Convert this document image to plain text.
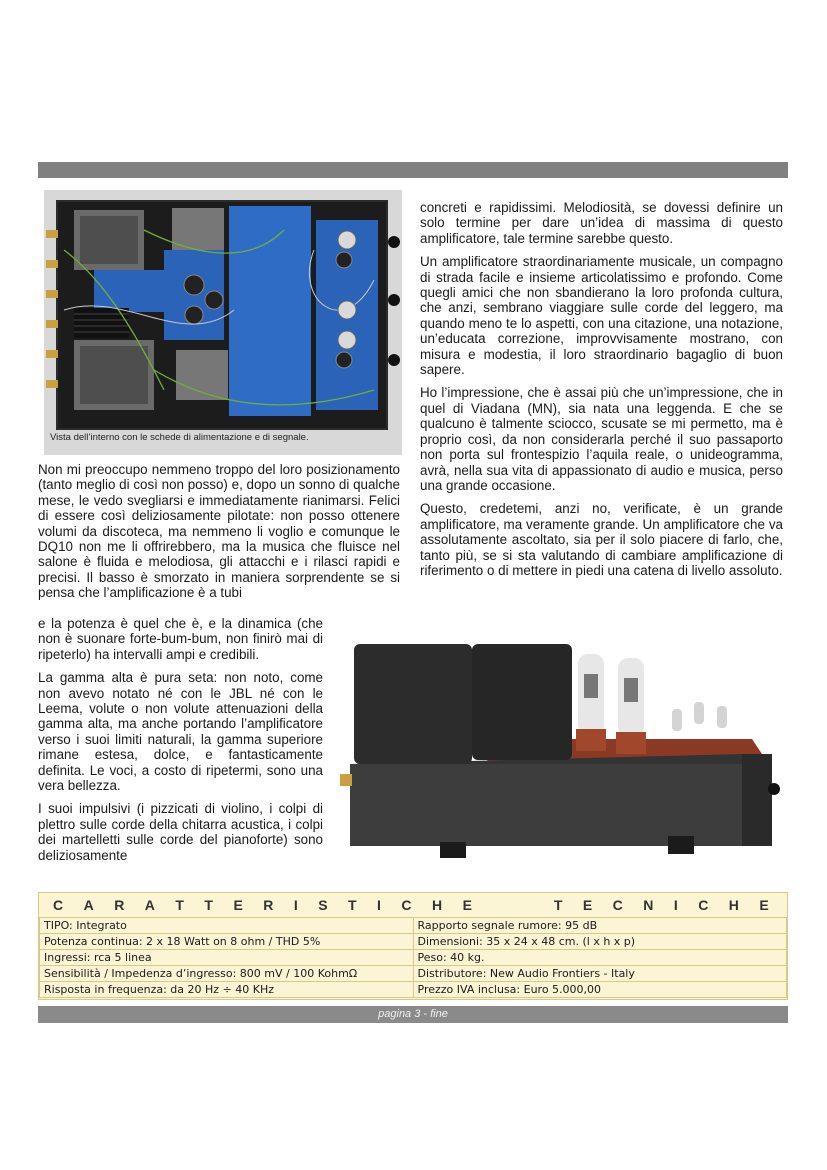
Vista dell’interno con le schede di alimentazione e di segnale.

Non mi preoccupo nemmeno troppo del loro posizionamento (tanto meglio di così non posso) e, dopo un sonno di qualche mese, le vedo svegliarsi e immediatamente rianimarsi. Felici di essere così deliziosamente pilotate: non posso ottenere volumi da discoteca, ma nemmeno li voglio e comunque le DQ10 non me li offrirebbero, ma la musica che fluisce nel salone è fluida e melodiosa, gli attacchi e i rilasci rapidi e precisi. Il basso è smorzato in maniera sorprendente se si pensa che l’amplificazione è a tubi

e la potenza è quel che è, e la dinamica (che non è suonare forte-bum-bum, non finirò mai di ripeterlo) ha intervalli ampi e credibili.

La gamma alta è pura seta: non noto, come non avevo notato né con le JBL né con le Leema, volute o non volute attenuazioni della gamma alta, ma anche portando l’amplificatore verso i suoi limiti naturali, la gamma superiore rimane estesa, dolce, e fantasticamente definita. Le voci, a costo di ripetermi, sono una vera bellezza.

I suoi impulsivi (i pizzicati di violino, i colpi di plettro sulle corde della chitarra acustica, i colpi dei martelletti sulle corde del pianoforte) sono deliziosamente

concreti e rapidissimi. Melodiosità, se dovessi definire un solo termine per dare un’idea di massima di questo amplificatore, tale termine sarebbe questo.

Un amplificatore straordinariamente musicale, un compagno di strada facile e insieme articolatissimo e profondo. Come quegli amici che non sbandierano la loro profonda cultura, che anzi, sembrano viaggiare sulle corde del leggero, ma quando meno te lo aspetti, con una citazione, una notazione, un’educata correzione, improvvisamente mostrano, con misura e modestia, il loro straordinario bagaglio di buon sapere.

Ho l’impressione, che è assai più che un’impressione, che in quel di Viadana (MN), sia nata una leggenda. E che se qualcuno è talmente sciocco, scusate se mi permetto, ma è proprio così, da non considerarla perché il suo passaporto non porta sul frontespizio l’aquila reale, o unideogramma, avrà, nella sua vita di appassionato di audio e musica, perso una grande occasione.

Questo, credetemi, anzi no, verificate, è un grande amplificatore, ma veramente grande. Un amplificatore che va assolutamente ascoltato, sia per il solo piacere di farlo, che, tanto più, se si sta valutando di cambiare amplificazione di riferimento o di mettere in piedi una catena di livello assoluto.

C A R A T T E R I S T I C H E	T E C N I C H E
TIPO: Integrato	Rapporto segnale rumore: 95 dB
Potenza continua: 2 x 18 Watt on 8 ohm / THD 5%	Dimensioni: 35 x 24 x 48 cm. (l x h x p)
Ingressi: rca 5 linea	Peso: 40 kg.
Sensibilità / Impedenza d’ingresso: 800 mV / 100 KohmΩ	Distributore: New Audio Frontiers - Italy
Risposta in frequenza: da 20 Hz ÷ 40 KHz	Prezzo IVA inclusa: Euro 5.000,00
pagina 3 - fine
